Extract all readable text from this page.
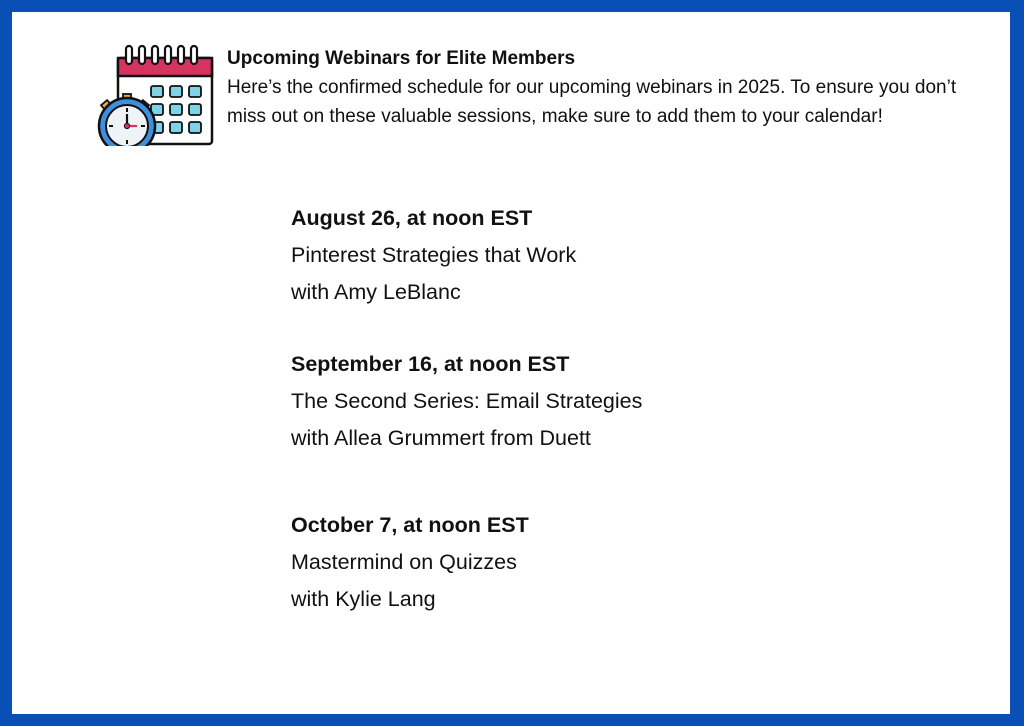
Upcoming Webinars for Elite Members
Here’s the confirmed schedule for our upcoming webinars in 2025. To ensure you don’t miss out on these valuable sessions, make sure to add them to your calendar!
August 26, at noon EST
Pinterest Strategies that Work
with Amy LeBlanc
September 16, at noon EST
The Second Series: Email Strategies
with Allea Grummert from Duett
October 7, at noon EST
Mastermind on Quizzes
with Kylie Lang
